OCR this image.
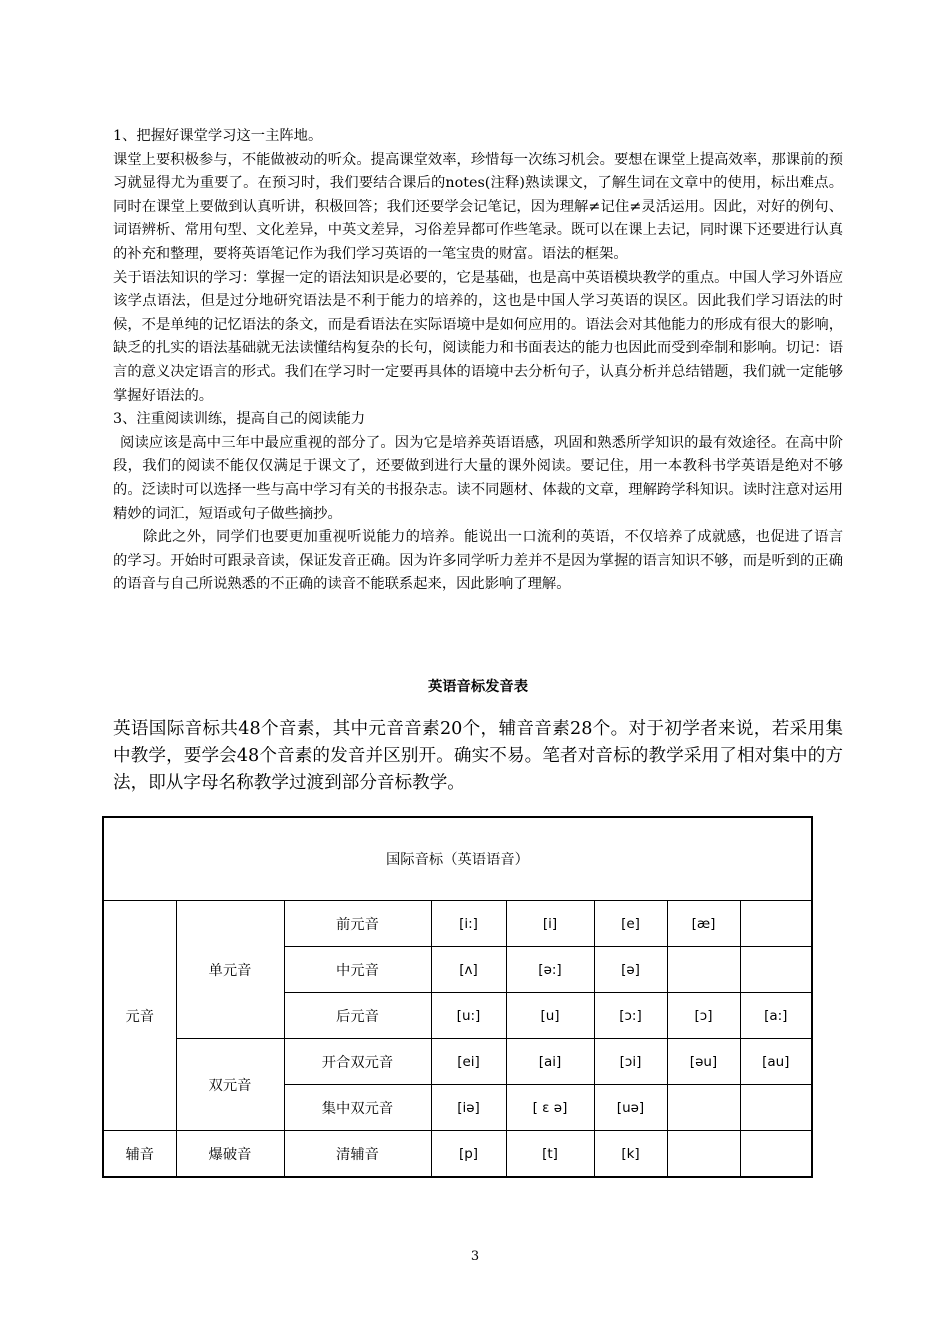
1、把握好课堂学习这一主阵地。

课堂上要积极参与，不能做被动的听众。提高课堂效率，珍惜每一次练习机会。要想在课堂上提高效率，那课前的预习就显得尤为重要了。在预习时，我们要结合课后的notes(注释)熟读课文，了解生词在文章中的使用，标出难点。同时在课堂上要做到认真听讲，积极回答；我们还要学会记笔记，因为理解≠记住≠灵活运用。因此，对好的例句、词语辨析、常用句型、文化差异，中英文差异，习俗差异都可作些笔录。既可以在课上去记，同时课下还要进行认真的补充和整理，要将英语笔记作为我们学习英语的一笔宝贵的财富。语法的框架。

关于语法知识的学习：掌握一定的语法知识是必要的，它是基础，也是高中英语模块教学的重点。中国人学习外语应该学点语法，但是过分地研究语法是不利于能力的培养的，这也是中国人学习英语的误区。因此我们学习语法的时候，不是单纯的记忆语法的条文，而是看语法在实际语境中是如何应用的。语法会对其他能力的形成有很大的影响，缺乏的扎实的语法基础就无法读懂结构复杂的长句，阅读能力和书面表达的能力也因此而受到牵制和影响。切记：语言的意义决定语言的形式。我们在学习时一定要再具体的语境中去分析句子，认真分析并总结错题，我们就一定能够掌握好语法的。

3、注重阅读训练，提高自己的阅读能力

阅读应该是高中三年中最应重视的部分了。因为它是培养英语语感，巩固和熟悉所学知识的最有效途径。在高中阶段，我们的阅读不能仅仅满足于课文了，还要做到进行大量的课外阅读。要记住，用一本教科书学英语是绝对不够的。泛读时可以选择一些与高中学习有关的书报杂志。读不同题材、体裁的文章，理解跨学科知识。读时注意对运用精妙的词汇，短语或句子做些摘抄。

除此之外，同学们也要更加重视听说能力的培养。能说出一口流利的英语，不仅培养了成就感，也促进了语言的学习。开始时可跟录音读，保证发音正确。因为许多同学听力差并不是因为掌握的语言知识不够，而是听到的正确的语音与自己所说熟悉的不正确的读音不能联系起来，因此影响了理解。

英语音标发音表

英语国际音标共48个音素，其中元音音素20个，辅音音素28个。对于初学者来说，若采用集中教学，要学会48个音素的发音并区别开。确实不易。笔者对音标的教学采用了相对集中的方法，即从字母名称教学过渡到部分音标教学。

国际音标（英语语音）							
元音	单元音	前元音	[i:]	[i]	[e]	[æ]	
		中元音	[ʌ]	[ə:]	[ə]		
		后元音	[u:]	[u]	[ɔ:]	[ɔ]	[a:]
	双元音	开合双元音	[ei]	[ai]	[ɔi]	[əu]	[au]
		集中双元音	[iə]	[ ɛ ə]	[uə]		
辅音	爆破音	清辅音	[p]	[t]	[k]		
3
